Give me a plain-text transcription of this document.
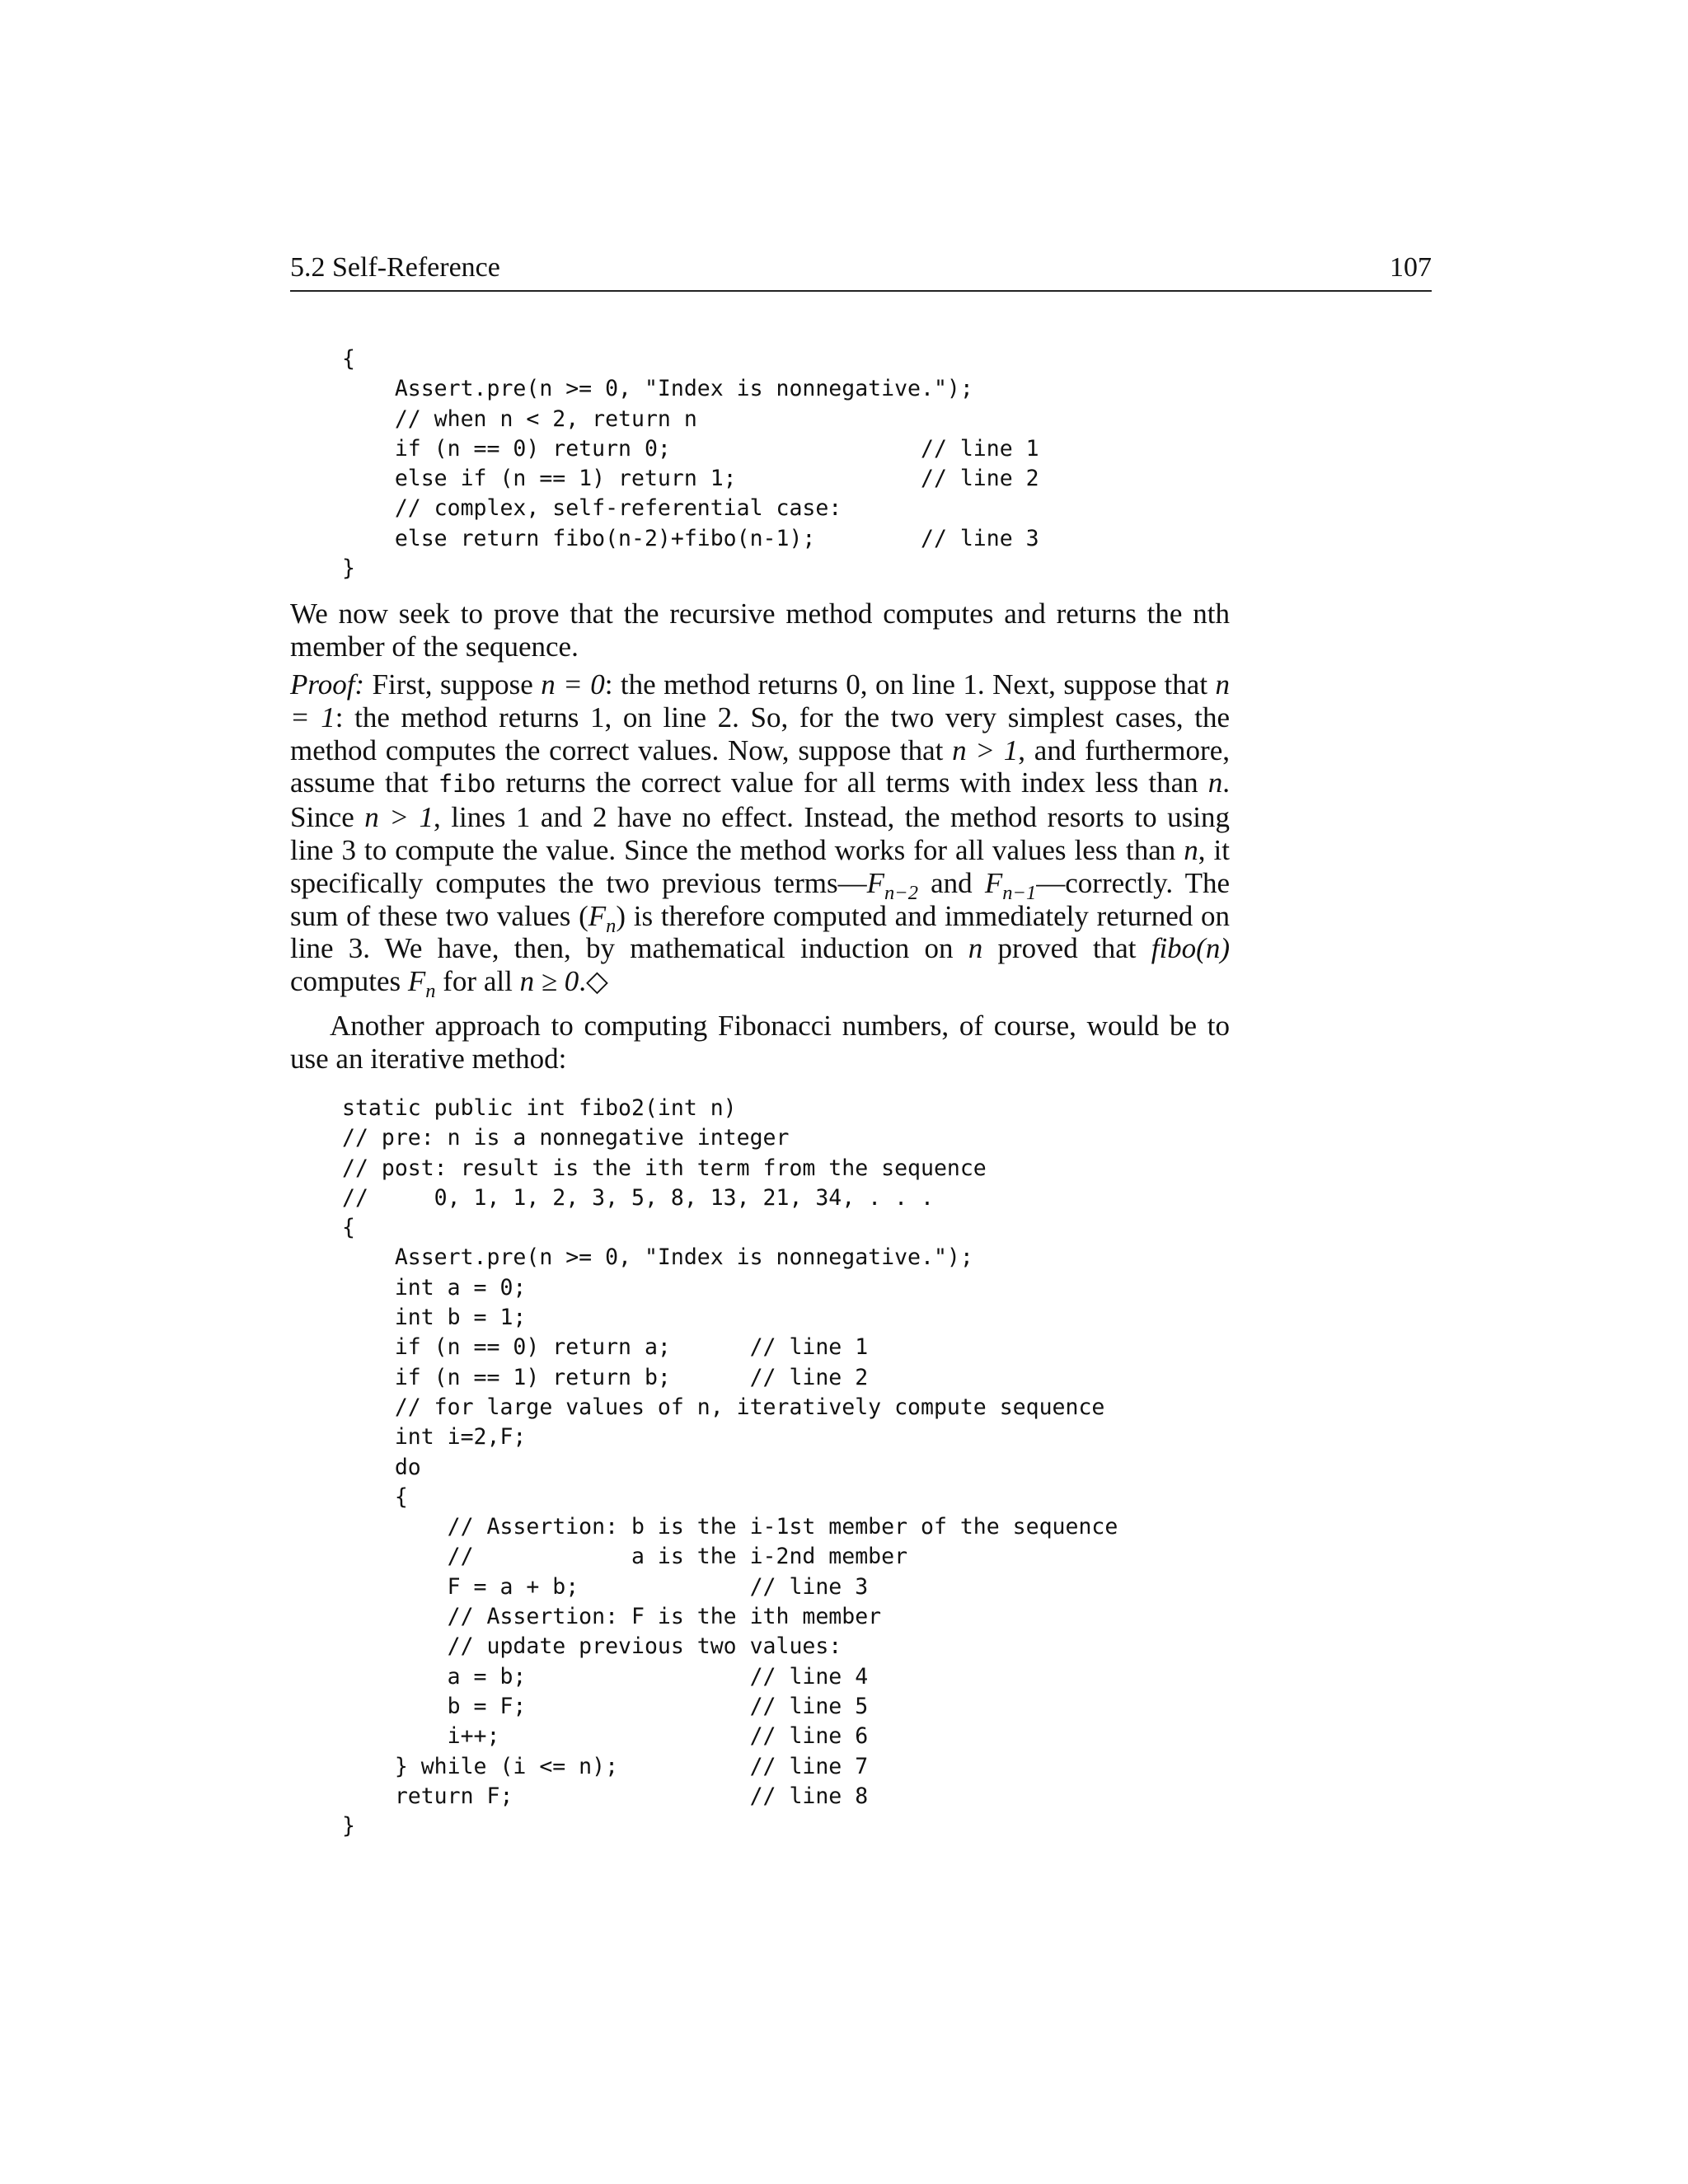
5.2 Self-Reference	107
{
Assert.pre(n >= 0, "Index is nonnegative.");
// when n < 2, return n
if (n == 0) return 0;                   // line 1
else if (n == 1) return 1;              // line 2
// complex, self-referential case:
else return fibo(n-2)+fibo(n-1);        // line 3
}

We now seek to prove that the recursive method computes and returns the nth member of the sequence.

Proof: First, suppose n = 0: the method returns 0, on line 1. Next, suppose that n = 1: the method returns 1, on line 2. So, for the two very simplest cases, the method computes the correct values. Now, suppose that n > 1, and furthermore, assume that fibo returns the correct value for all terms with index less than n. Since n > 1, lines 1 and 2 have no effect. Instead, the method resorts to using line 3 to compute the value. Since the method works for all values less than n, it specifically computes the two previous $terms—F_{n-2}$ and $F_{n-1}—correctly$. The sum of these two values $(F_n)$ is therefore computed and immediately returned on line 3. We have, then, by mathematical induction on n proved that fibo(n) computes $F_n$ for all n ≥ 0.◇

Another approach to computing Fibonacci numbers, of course, would be to use an iterative method:

static public int fibo2(int n)
// pre: n is a nonnegative integer
// post: result is the ith term from the sequence
//     0, 1, 1, 2, 3, 5, 8, 13, 21, 34, . . .
{
Assert.pre(n >= 0, "Index is nonnegative.");
int a = 0;
int b = 1;
if (n == 0) return a;      // line 1
if (n == 1) return b;      // line 2
// for large values of n, iteratively compute sequence
int i=2,F;
do
{
// Assertion: b is the i-1st member of the sequence
//            a is the i-2nd member
F = a + b;             // line 3
// Assertion: F is the ith member
// update previous two values:
a = b;                 // line 4
b = F;                 // line 5
i++;                   // line 6
} while (i <= n);          // line 7
return F;                  // line 8
}
